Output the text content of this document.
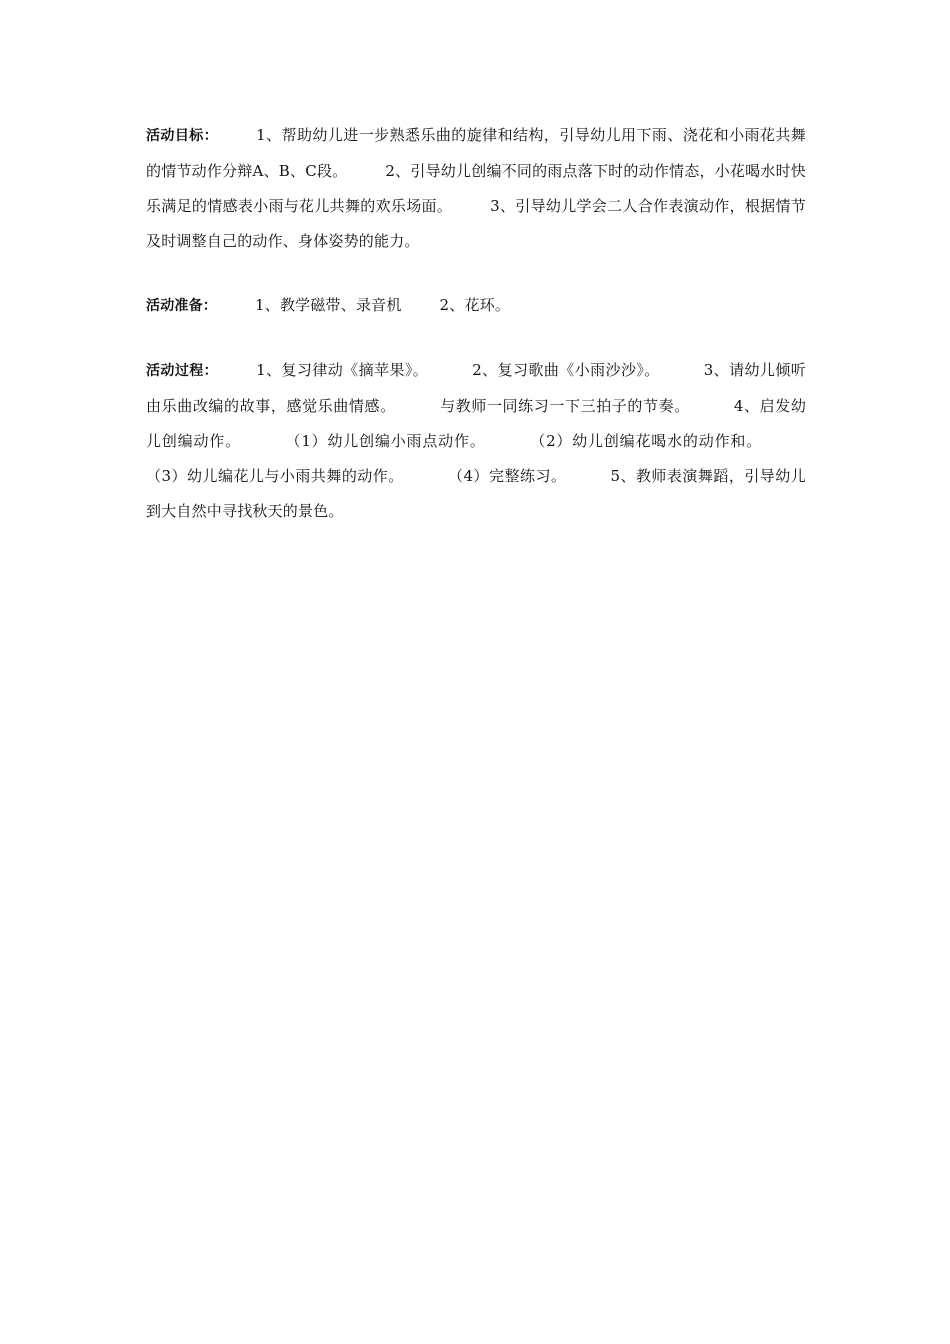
活动目标：	1、帮助幼儿进一步熟悉乐曲的旋律和结构，引导幼儿用下雨、浇花和小雨花共舞的情节动作分辩A、B、C段。	2、引导幼儿创编不同的雨点落下时的动作情态，小花喝水时快乐满足的情感表小雨与花儿共舞的欢乐场面。	3、引导幼儿学会二人合作表演动作，根据情节及时调整自己的动作、身体姿势的能力。

活动准备：	1、教学磁带、录音机	2、花环。

活动过程：	1、复习律动《摘苹果》。	2、复习歌曲《小雨沙沙》。	3、请幼儿倾听由乐曲改编的故事，感觉乐曲情感。	与教师一同练习一下三拍子的节奏。	4、启发幼儿创编动作。	（1）幼儿创编小雨点动作。	（2）幼儿创编花喝水的动作和。（3）幼儿编花儿与小雨共舞的动作。	（4）完整练习。	5、教师表演舞蹈，引导幼儿到大自然中寻找秋天的景色。
